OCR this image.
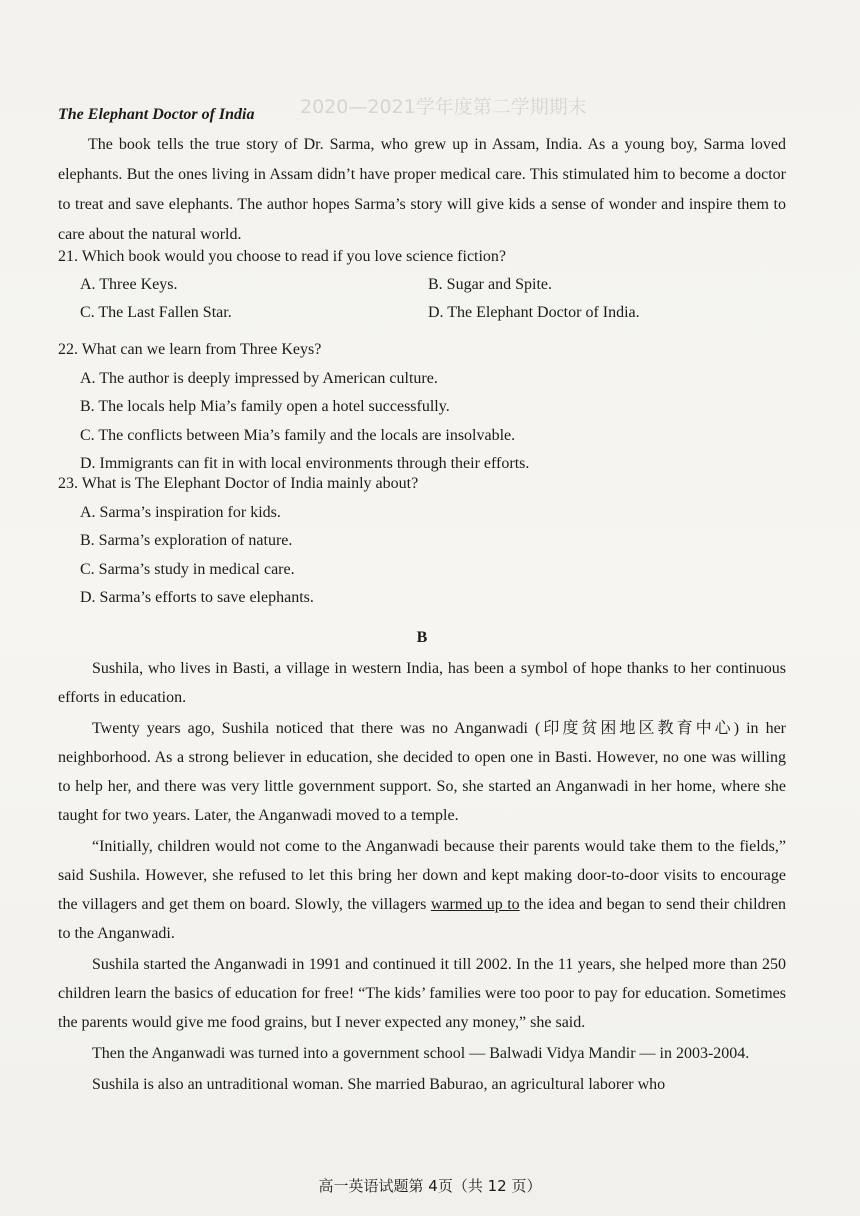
2020—2021学年度第二学期期末
The Elephant Doctor of India

The book tells the true story of Dr. Sarma, who grew up in Assam, India. As a young boy, Sarma loved elephants. But the ones living in Assam didn’t have proper medical care. This stimulated him to become a doctor to treat and save elephants. The author hopes Sarma’s story will give kids a sense of wonder and inspire them to care about the natural world.

21. Which book would you choose to read if you love science fiction?

A. Three Keys.	B. Sugar and Spite.
C. The Last Fallen Star.	D. The Elephant Doctor of India.

22. What can we learn from Three Keys?

A. The author is deeply impressed by American culture.

B. The locals help Mia’s family open a hotel successfully.

C. The conflicts between Mia’s family and the locals are insolvable.

D. Immigrants can fit in with local environments through their efforts.

23. What is The Elephant Doctor of India mainly about?

A. Sarma’s inspiration for kids.

B. Sarma’s exploration of nature.

C. Sarma’s study in medical care.

D. Sarma’s efforts to save elephants.

B

Sushila, who lives in Basti, a village in western India, has been a symbol of hope thanks to her continuous efforts in education.

Twenty years ago, Sushila noticed that there was no Anganwadi (印度贫困地区教育中心) in her neighborhood. As a strong believer in education, she decided to open one in Basti. However, no one was willing to help her, and there was very little government support. So, she started an Anganwadi in her home, where she taught for two years. Later, the Anganwadi moved to a temple.

“Initially, children would not come to the Anganwadi because their parents would take them to the fields,” said Sushila. However, she refused to let this bring her down and kept making door-to-door visits to encourage the villagers and get them on board. Slowly, the villagers warmed up to the idea and began to send their children to the Anganwadi.

Sushila started the Anganwadi in 1991 and continued it till 2002. In the 11 years, she helped more than 250 children learn the basics of education for free! “The kids’ families were too poor to pay for education. Sometimes the parents would give me food grains, but I never expected any money,” she said.

Then the Anganwadi was turned into a government school — Balwadi Vidya Mandir — in 2003-2004.

Sushila is also an untraditional woman. She married Baburao, an agricultural laborer who

高一英语试题第 4页（共 12 页）
